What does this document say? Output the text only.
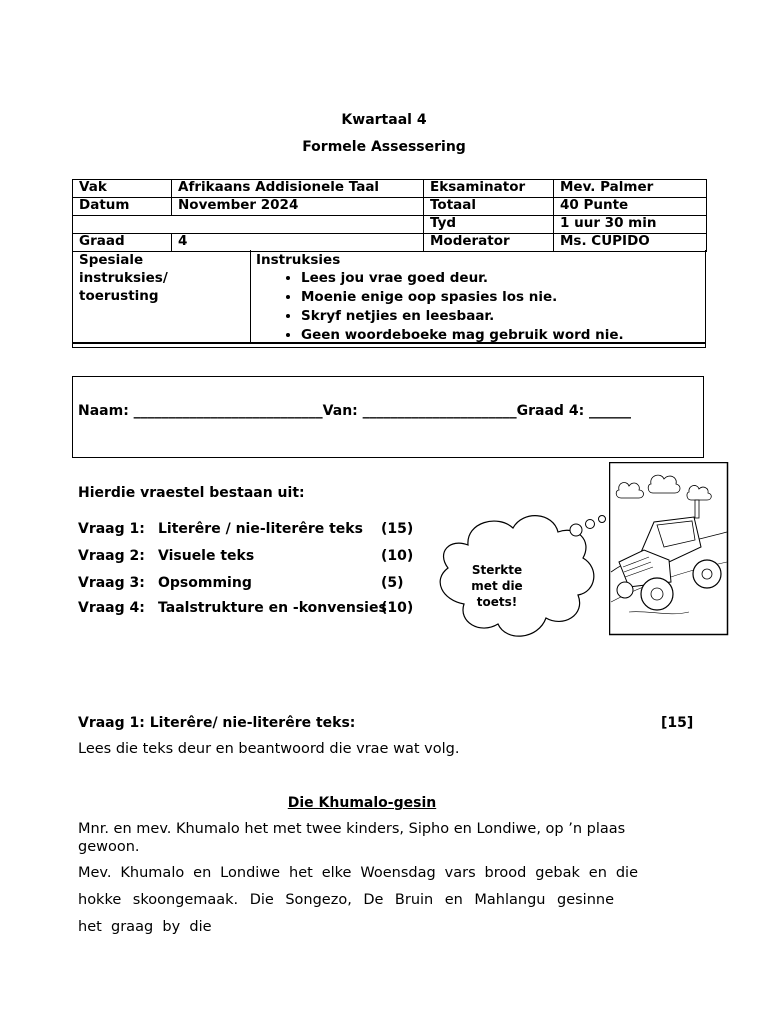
Kwartaal 4
Formele Assessering
Vak	Afrikaans Addisionele Taal	Eksaminator	Mev. Palmer
Datum	November 2024	Totaal	40 Punte
		Tyd	1 uur 30 min
Graad	4	Moderator	Ms. CUPIDO
Spesiale
instruksies/
toerusting
Instruksies
• Lees jou vrae goed deur.
• Moenie enige oop spasies los nie.
• Skryf netjies en leesbaar.
• Geen woordeboeke mag gebruik word nie.
Naam: ___________________________Van: ______________________Graad 4: ______
Hierdie vraestel bestaan uit:
Vraag 1: Literêre / nie-literêre teks (15)
Vraag 2: Visuele teks	(10)
Vraag 3: Opsomming	(5)
Vraag 4: Taalstrukture en -konvensies
(10)
Sterkte
met die
toets!
Vraag 1: Literêre/ nie-literêre teks:	[15]
Lees die teks deur en beantwoord die vrae wat volg.
Die Khumalo-gesin
Mnr. en mev. Khumalo het met twee kinders, Sipho en Londiwe, op ’n plaas gewoon.
Mev. Khumalo en Londiwe het elke Woensdag vars brood gebak en die
hokke skoongemaak. Die Songezo, De Bruin en Mahlangu gesinne
het  graag  by  die
